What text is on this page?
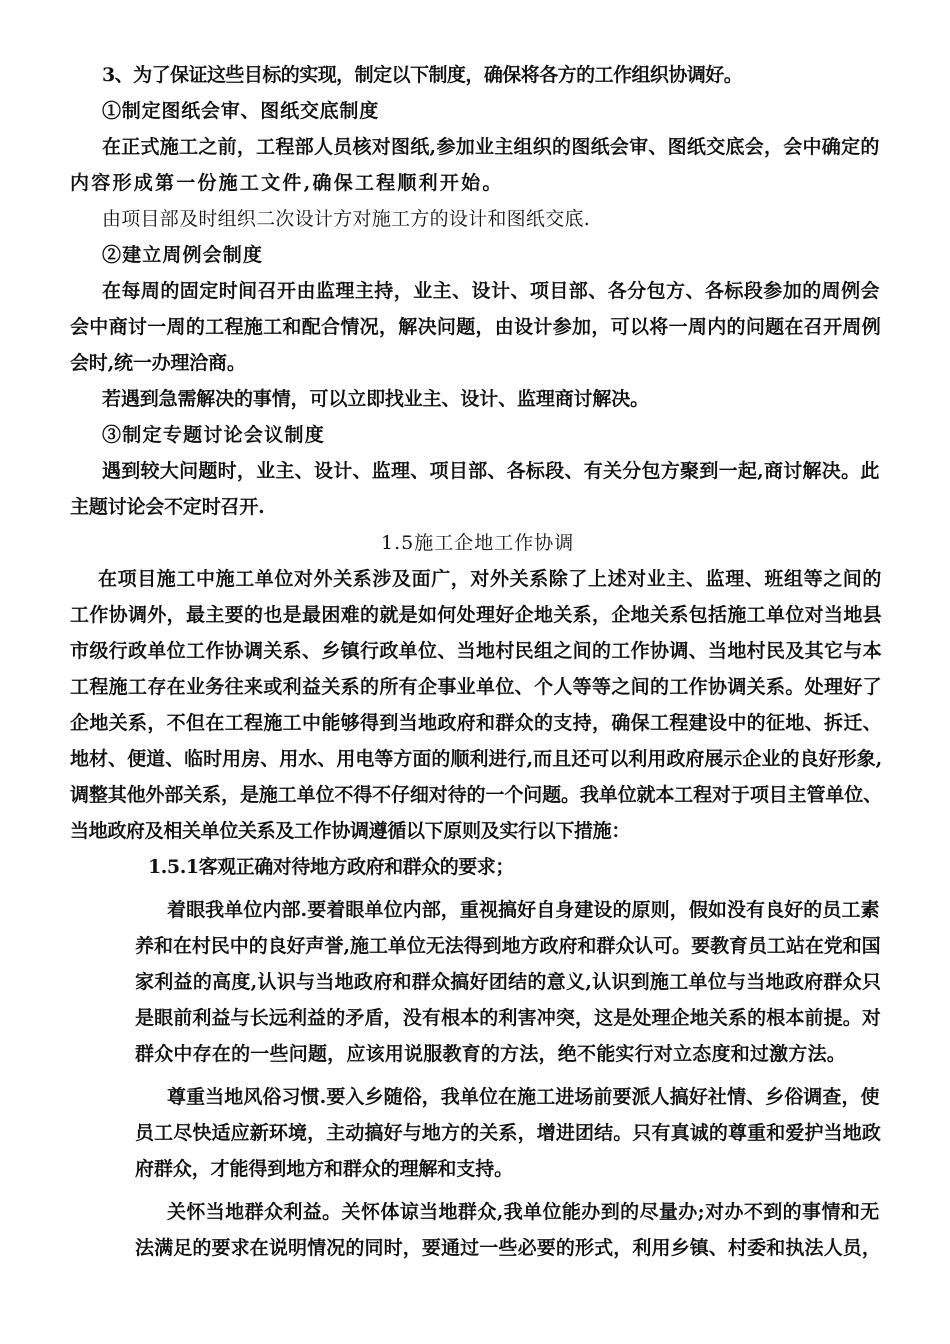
3、为了保证这些目标的实现，制定以下制度，确保将各方的工作组织协调好。
①制定图纸会审、图纸交底制度
在正式施工之前，工程部人员核对图纸,参加业主组织的图纸会审、图纸交底会，会中确定的
内容形成第一份施工文件,确保工程顺利开始。
由项目部及时组织二次设计方对施工方的设计和图纸交底.
②建立周例会制度
在每周的固定时间召开由监理主持，业主、设计、项目部、各分包方、各标段参加的周例会
会中商讨一周的工程施工和配合情况，解决问题，由设计参加，可以将一周内的问题在召开周例
会时,统一办理洽商。
若遇到急需解决的事情，可以立即找业主、设计、监理商讨解决。
③制定专题讨论会议制度
遇到较大问题时，业主、设计、监理、项目部、各标段、有关分包方聚到一起,商讨解决。此
主题讨论会不定时召开.
1.5施工企地工作协调
在项目施工中施工单位对外关系涉及面广，对外关系除了上述对业主、监理、班组等之间的
工作协调外，最主要的也是最困难的就是如何处理好企地关系，企地关系包括施工单位对当地县
市级行政单位工作协调关系、乡镇行政单位、当地村民组之间的工作协调、当地村民及其它与本
工程施工存在业务往来或利益关系的所有企事业单位、个人等等之间的工作协调关系。处理好了
企地关系，不但在工程施工中能够得到当地政府和群众的支持，确保工程建设中的征地、拆迁、
地材、便道、临时用房、用水、用电等方面的顺利进行,而且还可以利用政府展示企业的良好形象,
调整其他外部关系，是施工单位不得不仔细对待的一个问题。我单位就本工程对于项目主管单位、
当地政府及相关单位关系及工作协调遵循以下原则及实行以下措施：
1.5.1客观正确对待地方政府和群众的要求；
着眼我单位内部.要着眼单位内部，重视搞好自身建设的原则，假如没有良好的员工素
养和在村民中的良好声誉,施工单位无法得到地方政府和群众认可。要教育员工站在党和国
家利益的高度,认识与当地政府和群众搞好团结的意义,认识到施工单位与当地政府群众只
是眼前利益与长远利益的矛盾，没有根本的利害冲突，这是处理企地关系的根本前提。对
群众中存在的一些问题，应该用说服教育的方法，绝不能实行对立态度和过激方法。
尊重当地风俗习惯.要入乡随俗，我单位在施工进场前要派人搞好社情、乡俗调查，使
员工尽快适应新环境，主动搞好与地方的关系，增进团结。只有真诚的尊重和爱护当地政
府群众，才能得到地方和群众的理解和支持。
关怀当地群众利益。关怀体谅当地群众,我单位能办到的尽量办;对办不到的事情和无
法满足的要求在说明情况的同时，要通过一些必要的形式，利用乡镇、村委和执法人员，
